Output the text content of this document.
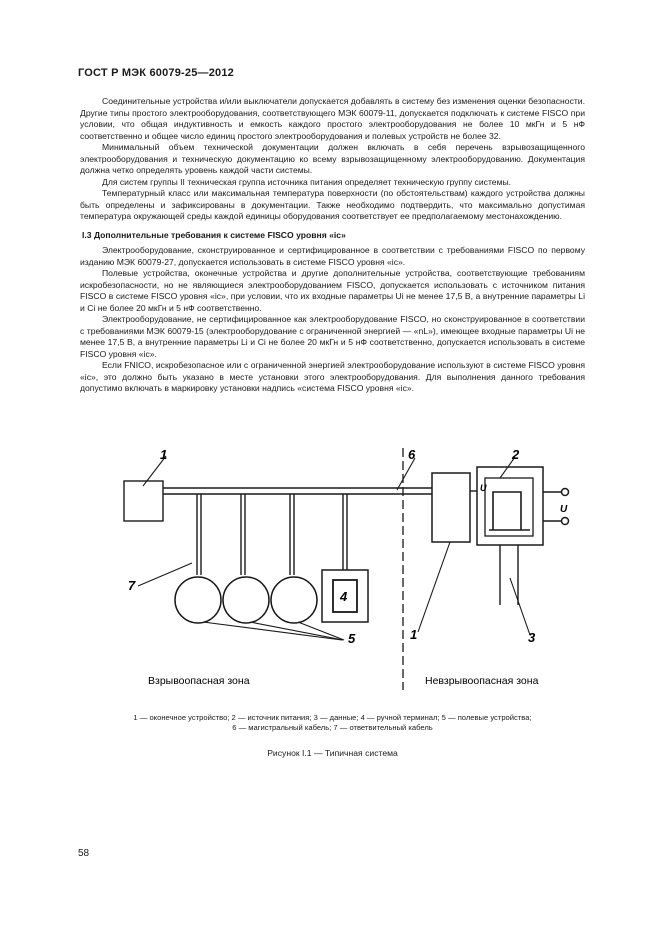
ГОСТ Р МЭК 60079-25—2012

Соединительные устройства и/или выключатели допускается добавлять в систему без изменения оценки безопасности. Другие типы простого электрооборудования, соответствующего МЭК 60079-11, допускается подключать к системе FISCO при условии, что общая индуктивность и емкость каждого простого электрооборудования не более 10 мкГн и 5 нФ соответственно и общее число единиц простого электрооборудования и полевых устройств не более 32.

Минимальный объем технической документации должен включать в себя перечень взрывозащищенного электрооборудования и техническую документацию ко всему взрывозащищенному электрооборудованию. Документация должна четко определять уровень каждой части системы.

Для систем группы II техническая группа источника питания определяет техническую группу системы.

Температурный класс или максимальная температура поверхности (по обстоятельствам) каждого устройства должны быть определены и зафиксированы в документации. Также необходимо подтвердить, что максимально допустимая температура окружающей среды каждой единицы оборудования соответствует ее предполагаемому местонахождению.

I.3 Дополнительные требования к системе FISCO уровня «ic»

Электрооборудование, сконструированное и сертифицированное в соответствии с требованиями FISCO по первому изданию МЭК 60079-27, допускается использовать в системе FISCO уровня «ic».

Полевые устройства, оконечные устройства и другие дополнительные устройства, соответствующие требованиям искробезопасности, но не являющиеся электрооборудованием FISCO, допускается использовать с источником питания FISCO в системе FISCO уровня «ic», при условии, что их входные параметры Ui не менее 17,5 В, а внутренние параметры Li и Ci не более 20 мкГн и 5 нФ соответственно.

Электрооборудование, не сертифицированное как электрооборудование FISCO, но сконструированное в соответствии с требованиями МЭК 60079-15 (электрооборудование с ограниченной энергией — «nL»), имеющее входные параметры Ui не менее 17,5 В, а внутренние параметры Li и Ci не более 20 мкГн и 5 нФ соответственно, допускается использовать в системе FISCO уровня «ic».

Если FNICO, искробезопасное или с ограниченной энергией электрооборудование используют в системе FISCO уровня «ic», это должно быть указано в месте установки этого электрооборудования. Для выполнения данного требования допустимо включать в маркировку установки надпись «система FISCO уровня «ic».

1	6	2
U
U
7
4
5	1	3
Взрывоопасная зона	Невзрывоопасная зона
1 — оконечное устройство; 2 — источник питания; 3 — данные; 4 — ручной терминал; 5 — полевые устройства;
6 — магистральный кабель; 7 — ответвительный кабель
Рисунок I.1 — Типичная система
58
